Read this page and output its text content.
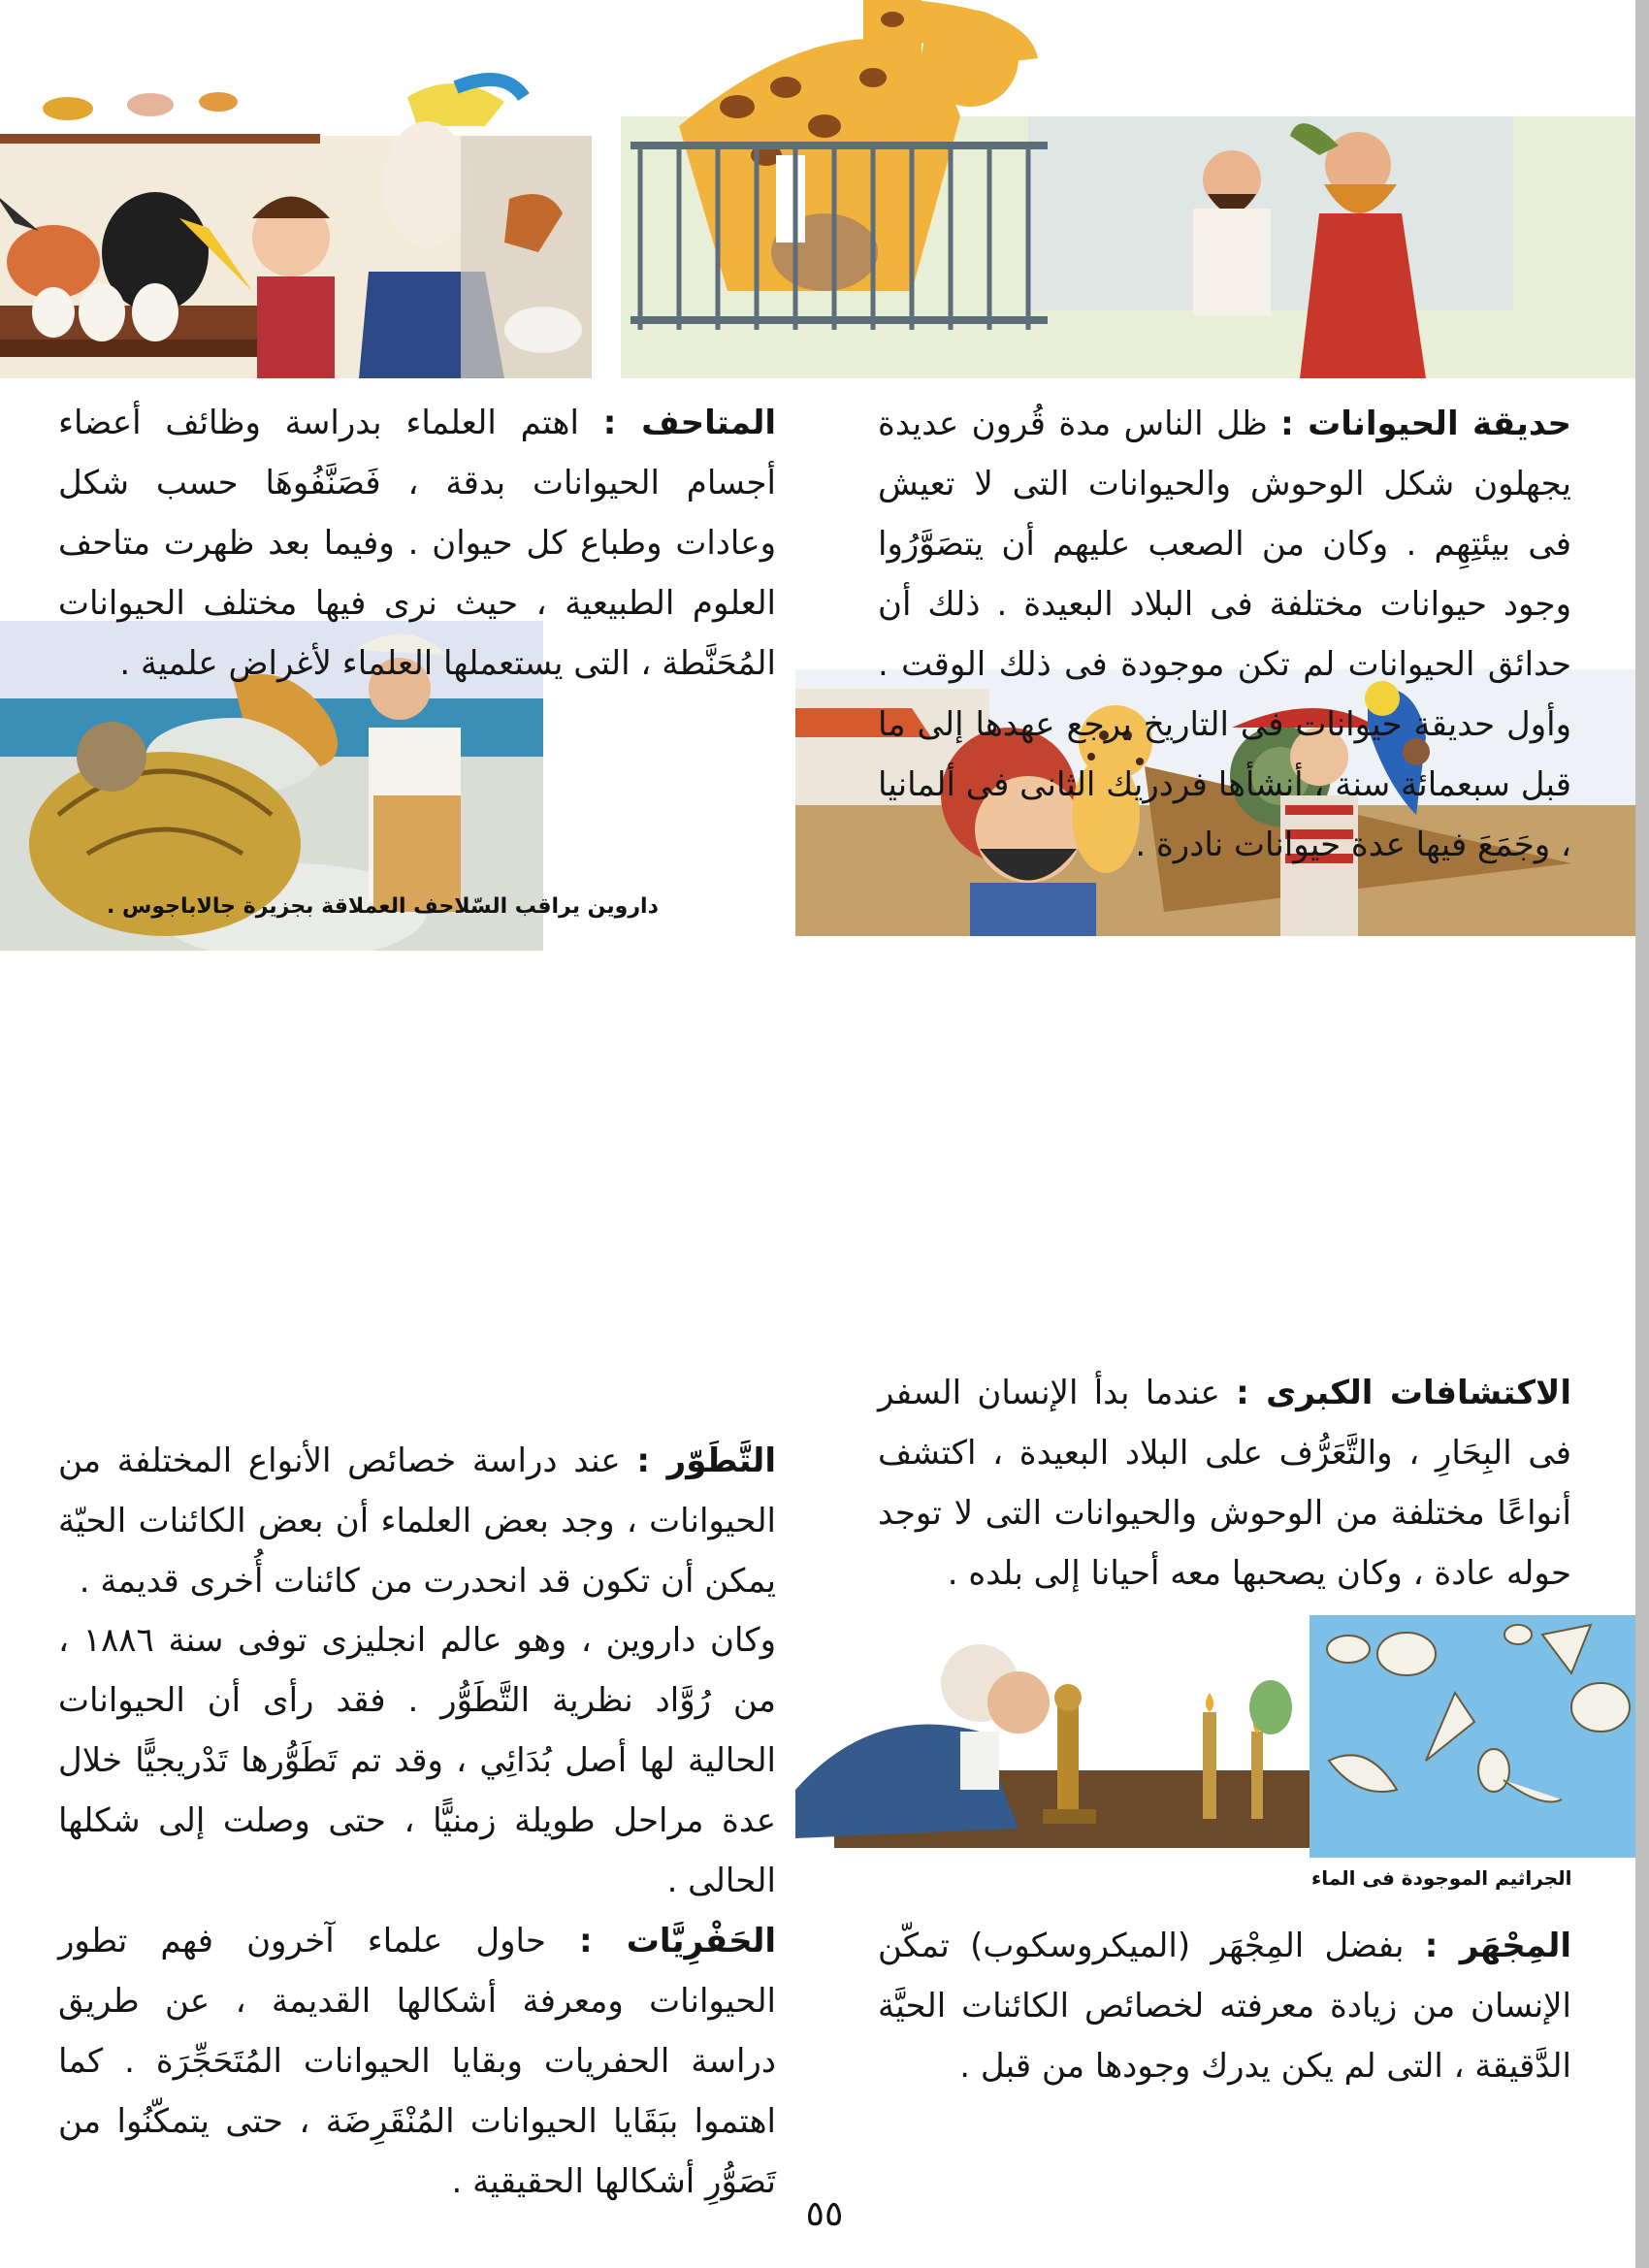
داروين يراقب السّلاحف العملاقة بجزيرة جالاباجوس .
الجراثيم الموجودة فى الماء
حديقة الحيوانات : ظل الناس مدة قُرون عديدة يجهلون شكل الوحوش والحيوانات التى لا تعيش فى بيئتِهِم . وكان من الصعب عليهم أن يتصَوَّرُوا وجود حيوانات مختلفة فى البلاد البعيدة . ذلك أن حدائق الحيوانات لم تكن موجودة فى ذلك الوقت . وأول حديقة حيوانات فى التاريخ يرجع عهدها إلى ما قبل سبعمائة سنة ، أنشأها فردريك الثانى فى ألمانيا ، وجَمَعَ فيها عدة حيوانات نادرة .
المتاحف : اهتم العلماء بدراسة وظائف أعضاء أجسام الحيوانات بدقة ، فَصَنَّفُوهَا حسب شكل وعادات وطباع كل حيوان . وفيما بعد ظهرت متاحف العلوم الطبيعية ، حيث نرى فيها مختلف الحيوانات المُحَنَّطة ، التى يستعملها العلماء لأغراض علمية .
الاكتشافات الكبرى : عندما بدأ الإنسان السفر فى البِحَارِ ، والتَّعَرُّف على البلاد البعيدة ، اكتشف أنواعًا مختلفة من الوحوش والحيوانات التى لا توجد حوله عادة ، وكان يصحبها معه أحيانا إلى بلده .
التَّطَوّر : عند دراسة خصائص الأنواع المختلفة من الحيوانات ، وجد بعض العلماء أن بعض الكائنات الحيّة يمكن أن تكون قد انحدرت من كائنات أُخرى قديمة .
وكان داروين ، وهو عالم انجليزى توفى سنة ١٨٨٦ ، من رُوَّاد نظرية التَّطَوُّر . فقد رأى أن الحيوانات الحالية لها أصل بُدَائِي ، وقد تم تَطَوُّرها تَدْريجيًّا خلال عدة مراحل طويلة زمنيًّا ، حتى وصلت إلى شكلها الحالى .
الحَفْرِيَّات : حاول علماء آخرون فهم تطور الحيوانات ومعرفة أشكالها القديمة ، عن طريق دراسة الحفريات وبقايا الحيوانات المُتَحَجِّرَة . كما اهتموا ببَقَايا الحيوانات المُنْقَرِضَة ، حتى يتمكّنُوا من تَصَوُّرِ أشكالها الحقيقية .
المِجْهَر : بفضل المِجْهَر (الميكروسكوب) تمكّن الإنسان من زيادة معرفته لخصائص الكائنات الحيَّة الدَّقيقة ، التى لم يكن يدرك وجودها من قبل .
٥٥
